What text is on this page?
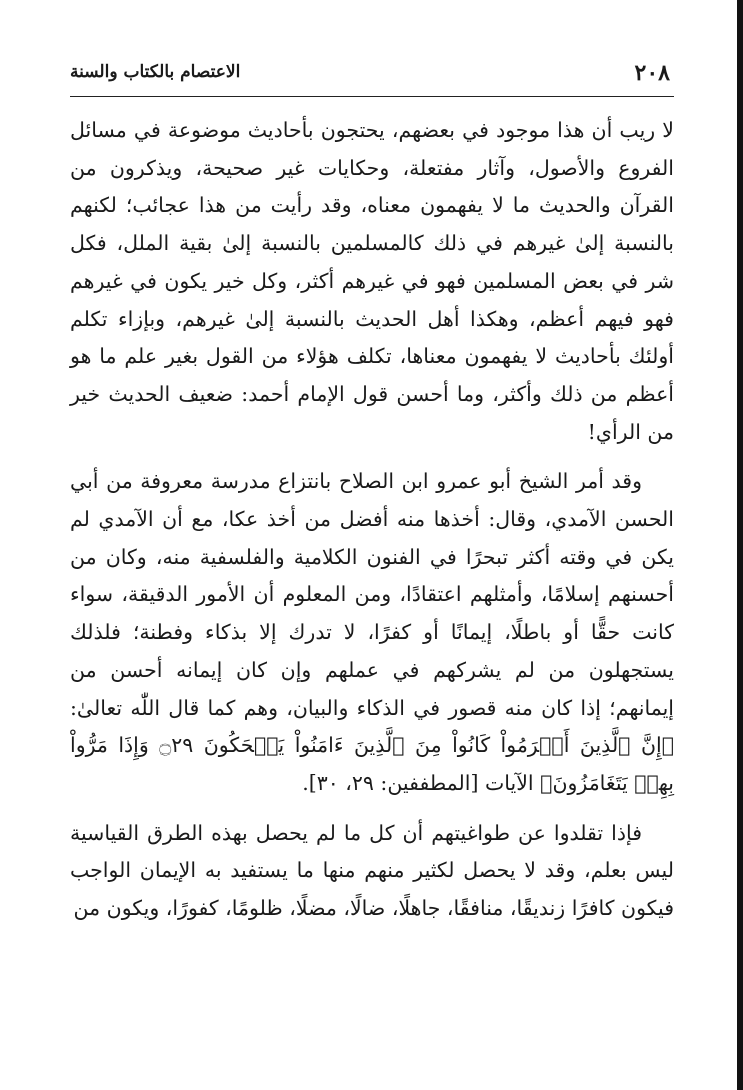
٢٠٨
الاعتصام بالكتاب والسنة

لا ريب أن هذا موجود في بعضهم، يحتجون بأحاديث موضوعة في مسائل الفروع والأصول، وآثار مفتعلة، وحكايات غير صحيحة، ويذكرون من القرآن والحديث ما لا يفهمون معناه، وقد رأيت من هذا عجائب؛ لكنهم بالنسبة إلىٰ غيرهم في ذلك كالمسلمين بالنسبة إلىٰ بقية الملل، فكل شر في بعض المسلمين فهو في غيرهم أكثر، وكل خير يكون في غيرهم فهو فيهم أعظم، وهكذا أهل الحديث بالنسبة إلىٰ غيرهم، وبإزاء تكلم أولئك بأحاديث لا يفهمون معناها، تكلف هؤلاء من القول بغير علم ما هو أعظم من ذلك وأكثر، وما أحسن قول الإمام أحمد: ضعيف الحديث خير من الرأي!

وقد أمر الشيخ أبو عمرو ابن الصلاح بانتزاع مدرسة معروفة من أبي الحسن الآمدي، وقال: أخذها منه أفضل من أخذ عكا، مع أن الآمدي لم يكن في وقته أكثر تبحرًا في الفنون الكلامية والفلسفية منه، وكان من أحسنهم إسلامًا، وأمثلهم اعتقادًا، ومن المعلوم أن الأمور الدقيقة، سواء كانت حقًّا أو باطلًا، إيمانًا أو كفرًا، لا تدرك إلا بذكاء وفطنة؛ فلذلك يستجهلون من لم يشركهم في عملهم وإن كان إيمانه أحسن من إيمانهم؛ إذا كان منه قصور في الذكاء والبيان، وهم كما قال اللّٰه تعالىٰ: ﴿إِنَّ ٱلَّذِينَ أَجۡرَمُواْ كَانُواْ مِنَ ٱلَّذِينَ ءَامَنُواْ يَضۡحَكُونَ ۝٢٩ وَإِذَا مَرُّواْ بِهِمۡ يَتَغَامَزُونَ﴾ الآيات [المطففين: ٢٩، ٣٠].

فإذا تقلدوا عن طواغيتهم أن كل ما لم يحصل بهذه الطرق القياسية ليس بعلم، وقد لا يحصل لكثير منهم منها ما يستفيد به الإيمان الواجب فيكون كافرًا زنديقًا، منافقًا، جاهلًا، ضالًا، مضلًا، ظلومًا، كفورًا، ويكون من
